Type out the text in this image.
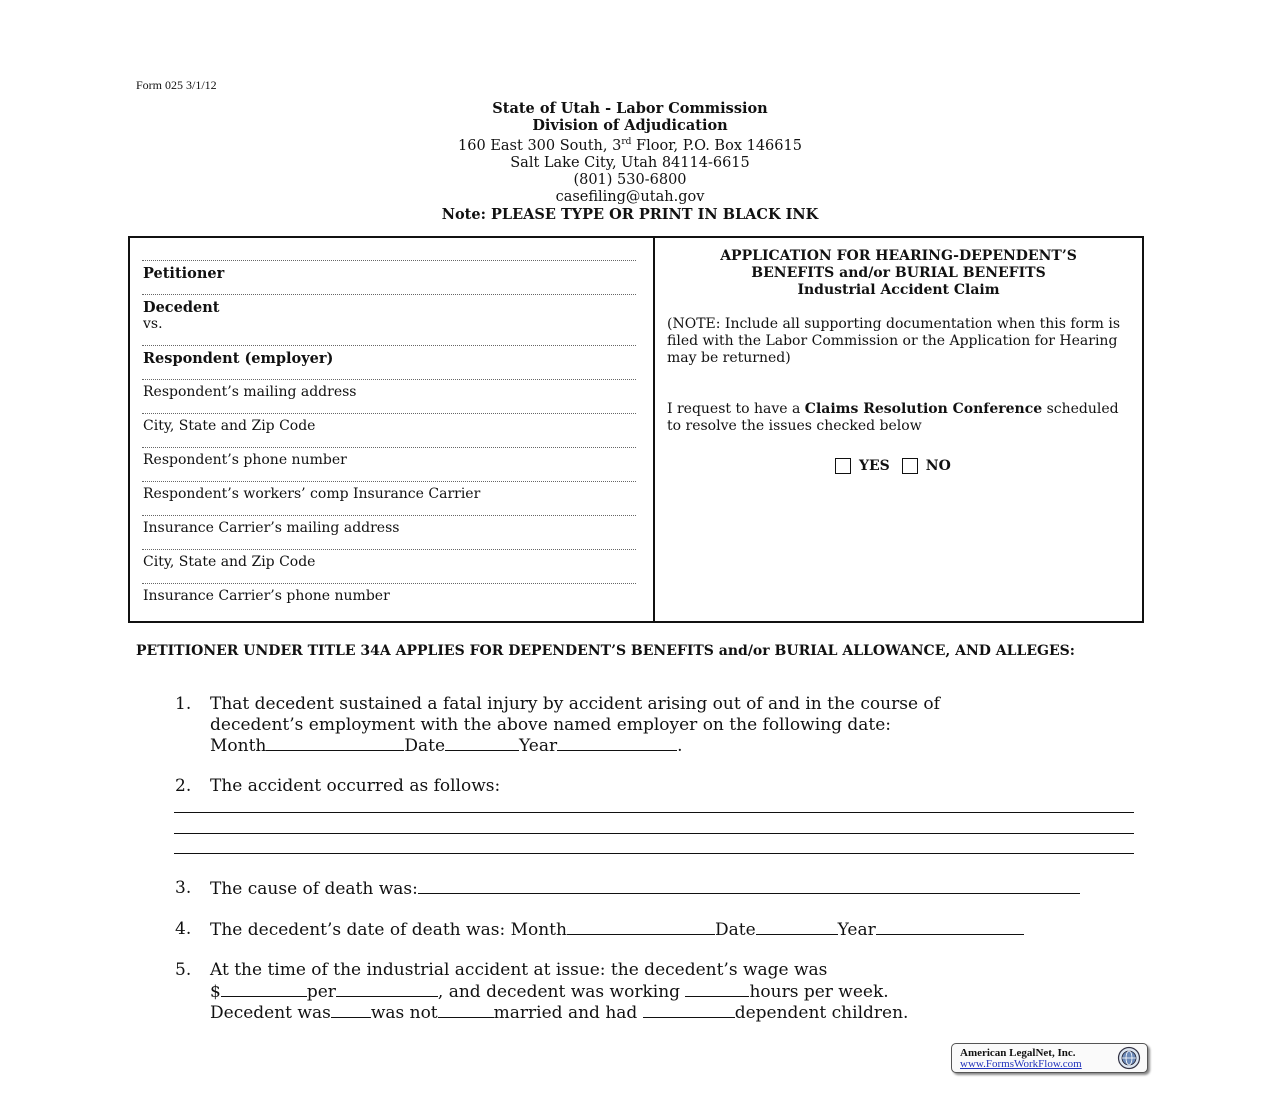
Form 025 3/1/12
State of Utah - Labor Commission
Division of Adjudication
160 East 300 South, 3rd Floor, P.O. Box 146615
Salt Lake City, Utah 84114-6615
(801) 530-6800
casefiling@utah.gov
Note: PLEASE TYPE OR PRINT IN BLACK INK
Petitioner
Decedent
vs.
Respondent (employer)
Respondent’s mailing address
City, State and Zip Code
Respondent’s phone number
Respondent’s workers’ comp Insurance Carrier
Insurance Carrier’s mailing address
City, State and Zip Code
Insurance Carrier’s phone number
APPLICATION FOR HEARING-DEPENDENT’S
BENEFITS and/or BURIAL BENEFITS
Industrial Accident Claim
(NOTE: Include all supporting documentation when this form is filed with the Labor Commission or the Application for Hearing may be returned)
I request to have a Claims Resolution Conference scheduled to resolve the issues checked below
YES	NO
PETITIONER UNDER TITLE 34A APPLIES FOR DEPENDENT’S BENEFITS and/or BURIAL ALLOWANCE, AND ALLEGES:
1. That decedent sustained a fatal injury by accident arising out of and in the course of
decedent’s employment with the above named employer on the following date:
Month	Date	Year	.
2. The accident occurred as follows:
3. The cause of death was:
4. The decedent’s date of death was: Month	Date	Year
5. At the time of the industrial accident at issue: the decedent’s wage was
$	per	, and decedent was working	hours per week.
Decedent was was not	married and had	dependent children.
American LegalNet, Inc.
www.FormsWorkFlow.com
